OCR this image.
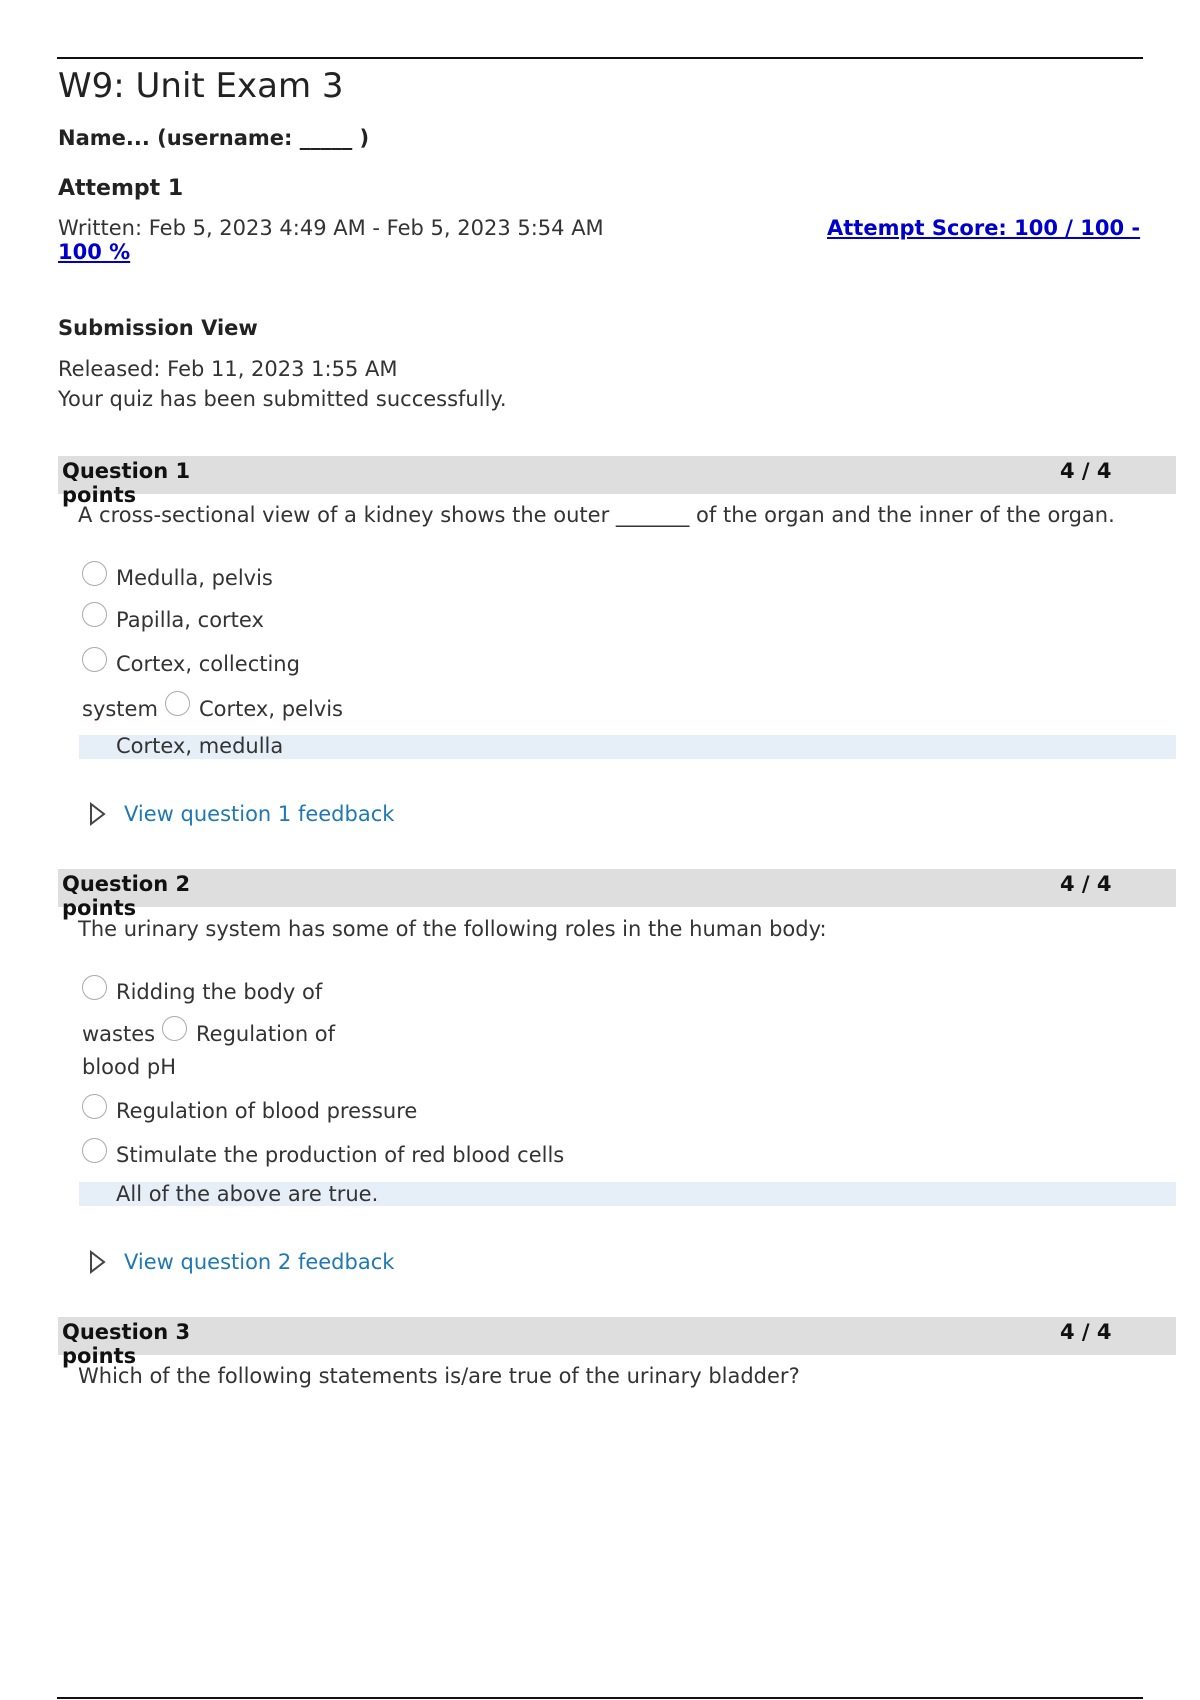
W9: Unit Exam 3
Name... (username: _____ )
Attempt 1
Written: Feb 5, 2023 4:49 AM - Feb 5, 2023 5:54 AM	Attempt Score: 100 / 100 - 100 %
Submission View
Released: Feb 11, 2023 1:55 AM
Your quiz has been submitted successfully.
Question 1
points
4 / 4
A cross-sectional view of a kidney shows the outer _______ of the organ and the inner of the organ.
Medulla, pelvis
Papilla, cortex
Cortex, collecting
system Cortex, pelvis
Cortex, medulla
View question 1 feedback
Question 2
points
4 / 4
The urinary system has some of the following roles in the human body:
Ridding the body of
wastes Regulation of
blood pH
Regulation of blood pressure
Stimulate the production of red blood cells
All of the above are true.
View question 2 feedback
Question 3
points
4 / 4
Which of the following statements is/are true of the urinary bladder?
